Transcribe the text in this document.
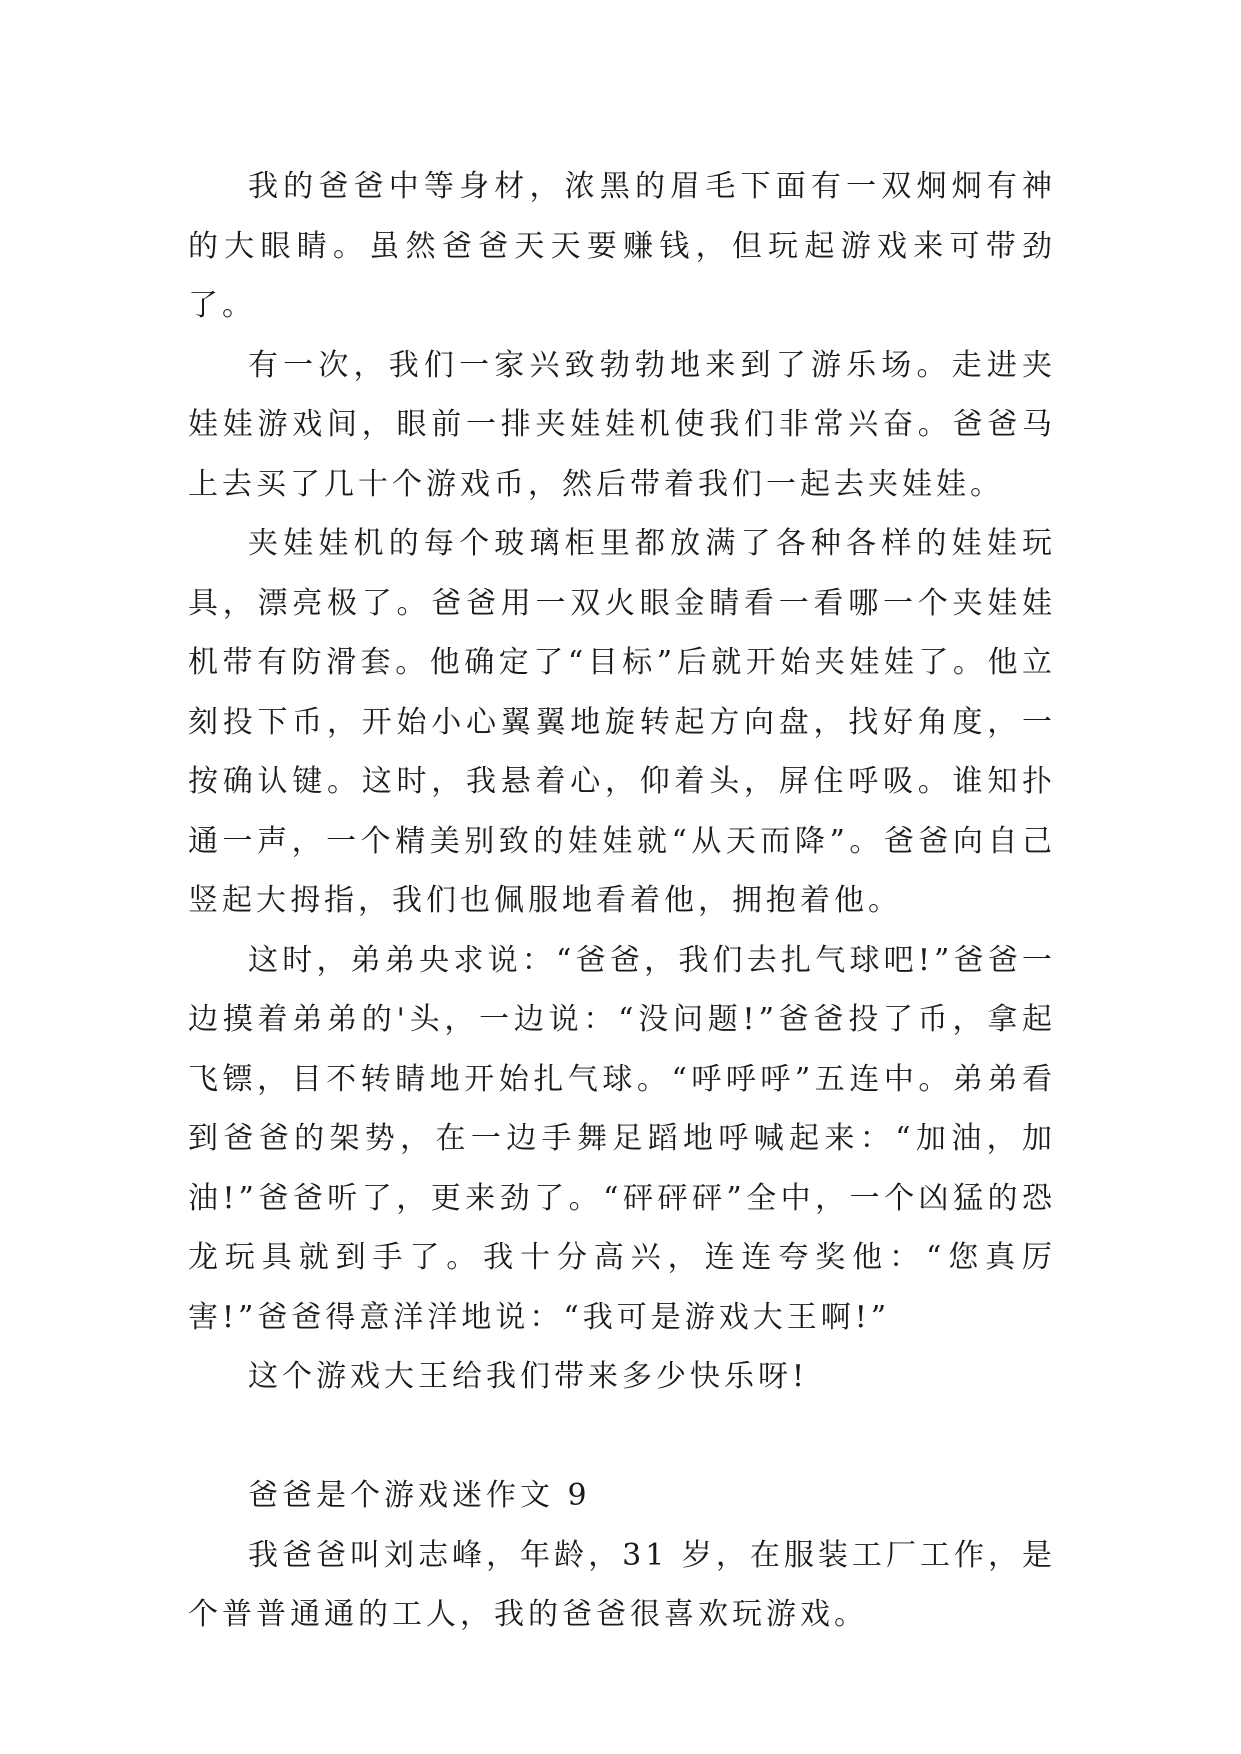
我的爸爸中等身材，浓黑的眉毛下面有一双炯炯有神的大眼睛。虽然爸爸天天要赚钱，但玩起游戏来可带劲了。

有一次，我们一家兴致勃勃地来到了游乐场。走进夹娃娃游戏间，眼前一排夹娃娃机使我们非常兴奋。爸爸马上去买了几十个游戏币，然后带着我们一起去夹娃娃。

夹娃娃机的每个玻璃柜里都放满了各种各样的娃娃玩具，漂亮极了。爸爸用一双火眼金睛看一看哪一个夹娃娃机带有防滑套。他确定了“目标”后就开始夹娃娃了。他立刻投下币，开始小心翼翼地旋转起方向盘，找好角度，一按确认键。这时，我悬着心，仰着头，屏住呼吸。谁知扑通一声，一个精美别致的娃娃就“从天而降”。爸爸向自己竖起大拇指，我们也佩服地看着他，拥抱着他。

这时，弟弟央求说：“爸爸，我们去扎气球吧!”爸爸一边摸着弟弟的'头，一边说：“没问题!”爸爸投了币，拿起飞镖，目不转睛地开始扎气球。“呼呼呼”五连中。弟弟看到爸爸的架势，在一边手舞足蹈地呼喊起来：“加油，加油!”爸爸听了，更来劲了。“砰砰砰”全中，一个凶猛的恐龙玩具就到手了。我十分高兴，连连夸奖他：“您真厉害!”爸爸得意洋洋地说：“我可是游戏大王啊!”

这个游戏大王给我们带来多少快乐呀!

爸爸是个游戏迷作文 9

我爸爸叫刘志峰，年龄，31 岁，在服装工厂工作，是个普普通通的工人，我的爸爸很喜欢玩游戏。
